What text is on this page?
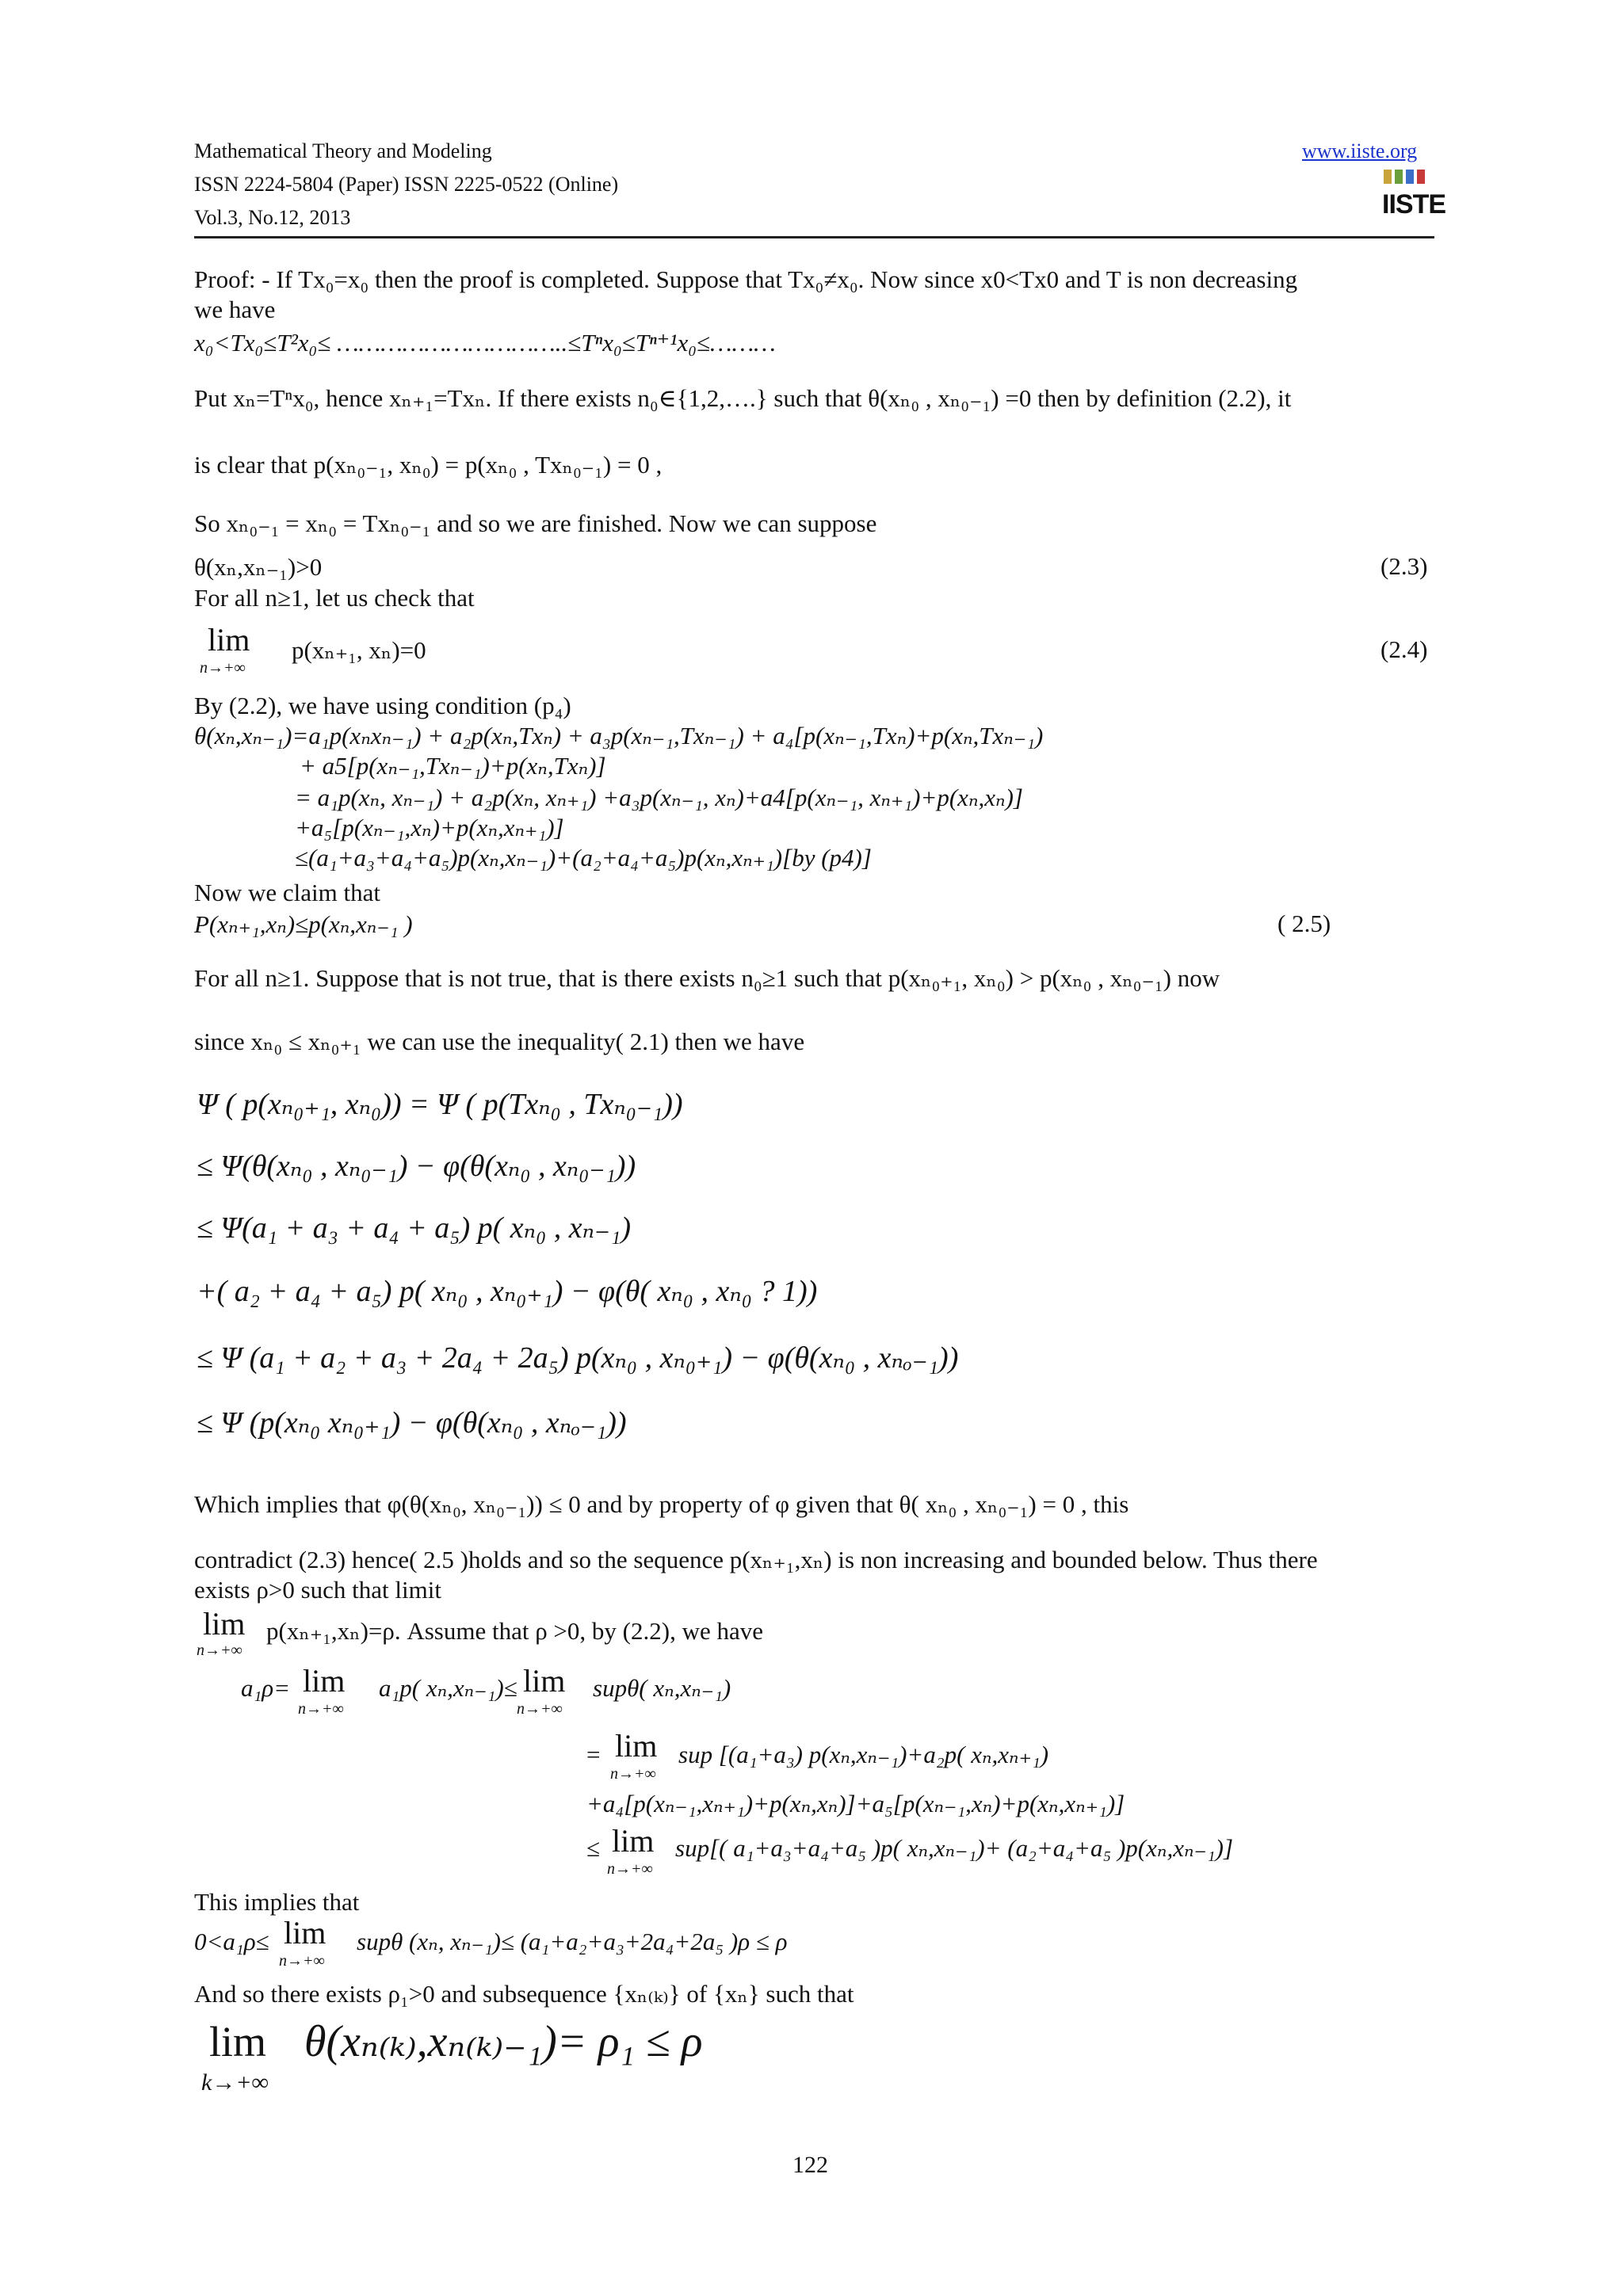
Mathematical Theory and Modeling
ISSN 2224-5804 (Paper) ISSN 2225-0522 (Online)
Vol.3, No.12, 2013
www.iiste.org
IISTE
Proof: - If Tx₀=x₀ then the proof is completed. Suppose that Tx₀≠x₀. Now since x0<Tx0 and T is non decreasing
we have
x₀<Tx₀≤T²x₀≤ …………………………..≤Tⁿx₀≤Tⁿ⁺¹x₀≤………
Put xₙ=Tⁿx₀, hence xₙ₊₁=Txₙ. If there exists n₀∈{1,2,….} such that θ(xₙ₀ , xₙ₀₋₁) =0 then by definition (2.2), it
is clear that p(xₙ₀₋₁, xₙ₀) = p(xₙ₀ , Txₙ₀₋₁) = 0 ,
So xₙ₀₋₁ = xₙ₀ = Txₙ₀₋₁ and so we are finished. Now we can suppose
θ(xₙ,xₙ₋₁)>0	(2.3)
For all n≥1, let us check that
lim
n→+∞
p(xₙ₊₁, xₙ)=0	(2.4)
By (2.2), we have using condition (p₄)
θ(xₙ,xₙ₋₁)=a₁p(xₙxₙ₋₁) + a₂p(xₙ,Txₙ) + a₃p(xₙ₋₁,Txₙ₋₁) + a₄[p(xₙ₋₁,Txₙ)+p(xₙ,Txₙ₋₁)
+ a5[p(xₙ₋₁,Txₙ₋₁)+p(xₙ,Txₙ)]
= a₁p(xₙ, xₙ₋₁) + a₂p(xₙ, xₙ₊₁) +a₃p(xₙ₋₁, xₙ)+a4[p(xₙ₋₁, xₙ₊₁)+p(xₙ,xₙ)]
+a₅[p(xₙ₋₁,xₙ)+p(xₙ,xₙ₊₁)]
≤(a₁+a₃+a₄+a₅)p(xₙ,xₙ₋₁)+(a₂+a₄+a₅)p(xₙ,xₙ₊₁)[by (p4)]
Now we claim that
P(xₙ₊₁,xₙ)≤p(xₙ,xₙ₋₁ )	( 2.5)
For all n≥1. Suppose that is not true, that is there exists n₀≥1 such that p(xₙ₀₊₁, xₙ₀) > p(xₙ₀ , xₙ₀₋₁) now
since xₙ₀ ≤ xₙ₀₊₁ we can use the inequality( 2.1) then we have
Ψ ( p(xₙ₀₊₁, xₙ₀)) = Ψ ( p(Txₙ₀ , Txₙ₀₋₁))
≤ Ψ(θ(xₙ₀ , xₙ₀₋₁) − φ(θ(xₙ₀ , xₙ₀₋₁))
≤ Ψ(a₁ + a₃ + a₄ + a₅) p( xₙ₀ , xₙ₋₁)
+( a₂ + a₄ + a₅) p( xₙ₀ , xₙ₀₊₁) − φ(θ( xₙ₀ , xₙ₀ ? 1))
≤ Ψ (a₁ + a₂ + a₃ + 2a₄ + 2a₅) p(xₙ₀ , xₙ₀₊₁) − φ(θ(xₙ₀ , xₙₒ₋₁))
≤ Ψ (p(xₙ₀ xₙ₀₊₁) − φ(θ(xₙ₀ , xₙₒ₋₁))
Which implies that φ(θ(xₙ₀, xₙ₀₋₁)) ≤ 0 and by property of φ given that θ( xₙ₀ , xₙ₀₋₁) = 0 , this
contradict (2.3) hence( 2.5 )holds and so the sequence p(xₙ₊₁,xₙ) is non increasing and bounded below. Thus there
exists ρ>0 such that limit
lim
n→+∞
p(xₙ₊₁,xₙ)=ρ. Assume that ρ >0, by (2.2), we have
a₁ρ= lim
n→+∞
a₁p( xₙ,xₙ₋₁)≤ lim
n→+∞
supθ( xₙ,xₙ₋₁)
= lim
n→+∞
sup [(a₁+a₃) p(xₙ,xₙ₋₁)+a₂p( xₙ,xₙ₊₁)
+a₄[p(xₙ₋₁,xₙ₊₁)+p(xₙ,xₙ)]+a₅[p(xₙ₋₁,xₙ)+p(xₙ,xₙ₊₁)]
≤ lim
n→+∞
sup[( a₁+a₃+a₄+a₅ )p( xₙ,xₙ₋₁)+ (a₂+a₄+a₅ )p(xₙ,xₙ₋₁)]
This implies that
0<a₁ρ≤ lim
n→+∞
supθ (xₙ, xₙ₋₁)≤ (a₁+a₂+a₃+2a₄+2a₅ )ρ ≤ ρ
And so there exists ρ₁>0 and subsequence {xₙ₍ₖ₎} of {xₙ} such that
lim
k→+∞
θ(xₙ₍ₖ₎,xₙ₍ₖ₎₋₁)= ρ₁ ≤ ρ
122
